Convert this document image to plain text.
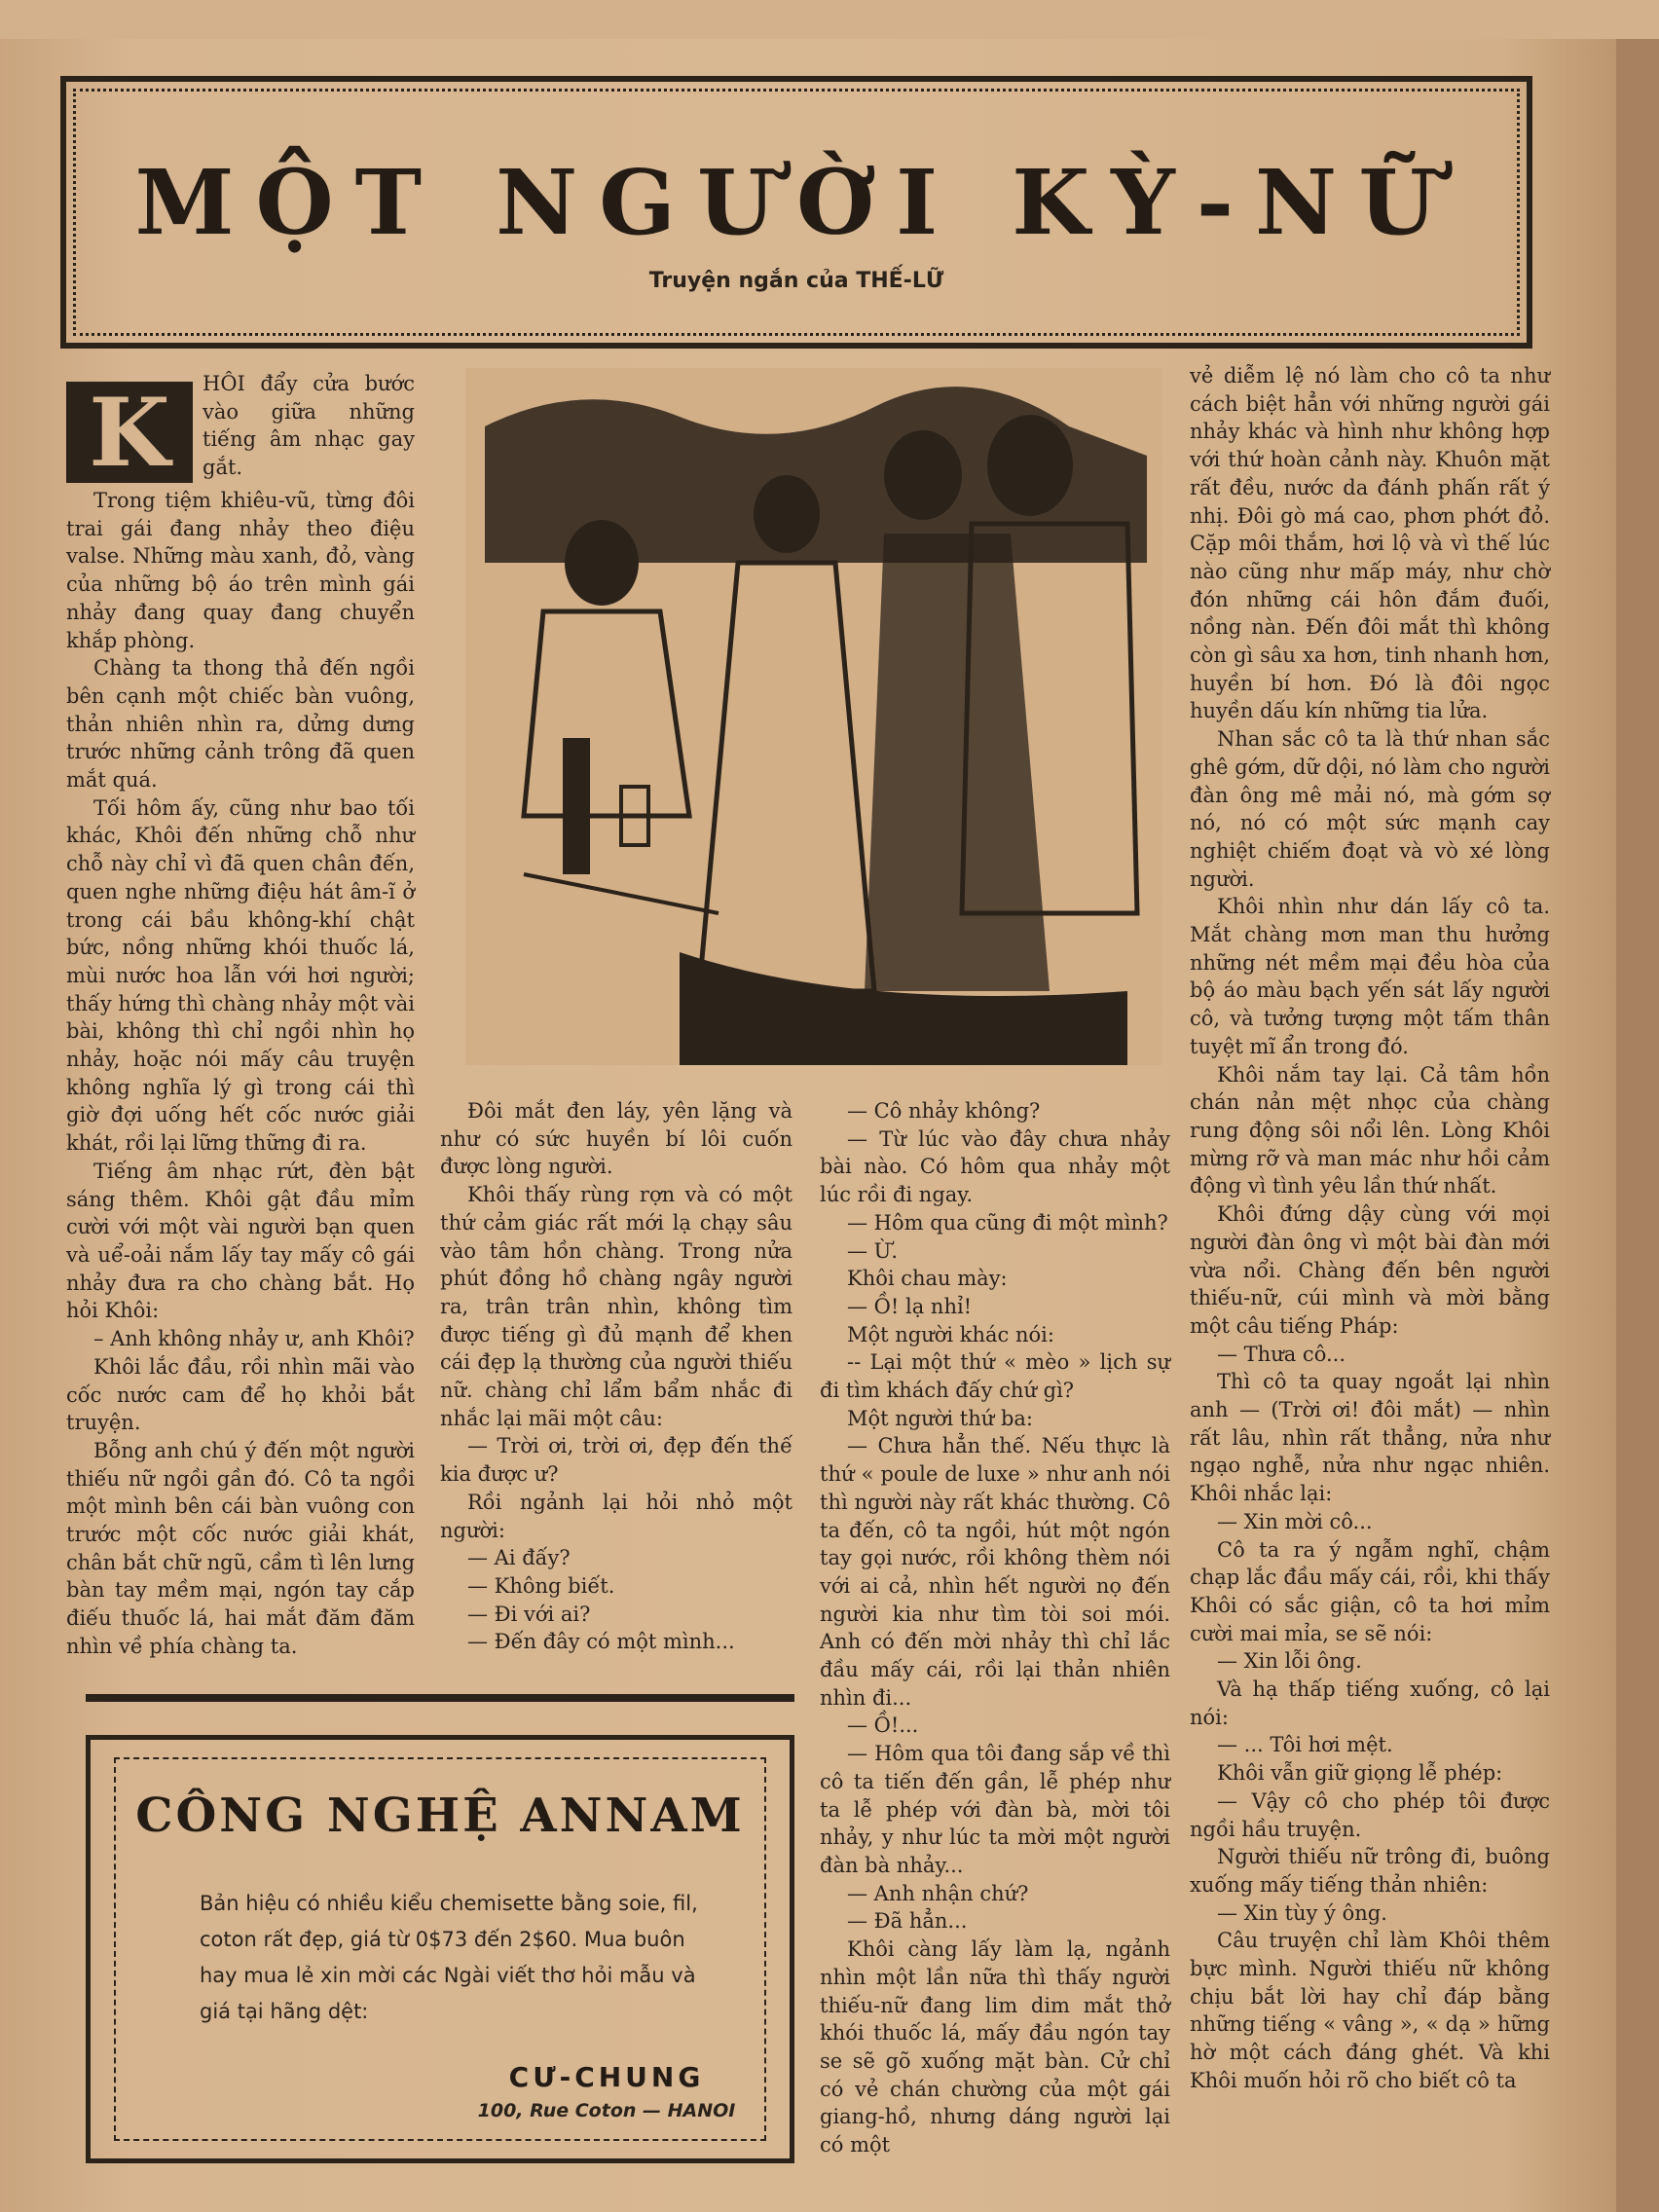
MỘT NGƯỜI KỲ-NỮ
Truyện ngắn của THẾ-LỮ
K	HÔI đẩy cửa bước vào giữa những tiếng âm nhạc gay gắt.

Trong tiệm khiêu-vũ, từng đôi trai gái đang nhảy theo điệu valse. Những màu xanh, đỏ, vàng của những bộ áo trên mình gái nhảy đang quay đang chuyển khắp phòng.

Chàng ta thong thả đến ngồi bên cạnh một chiếc bàn vuông, thản nhiên nhìn ra, dửng dưng trước những cảnh trông đã quen mắt quá.

Tối hôm ấy, cũng như bao tối khác, Khôi đến những chỗ như chỗ này chỉ vì đã quen chân đến, quen nghe những điệu hát âm-ĩ ở trong cái bầu không-khí chật bức, nồng những khói thuốc lá, mùi nước hoa lẫn với hơi người; thấy hứng thì chàng nhảy một vài bài, không thì chỉ ngồi nhìn họ nhảy, hoặc nói mấy câu truyện không nghĩa lý gì trong cái thì giờ đợi uống hết cốc nước giải khát, rồi lại lững thững đi ra.

Tiếng âm nhạc rứt, đèn bật sáng thêm. Khôi gật đầu mỉm cười với một vài người bạn quen và uể-oải nắm lấy tay mấy cô gái nhảy đưa ra cho chàng bắt. Họ hỏi Khôi:

– Anh không nhảy ư, anh Khôi?

Khôi lắc đầu, rồi nhìn mãi vào cốc nước cam để họ khỏi bắt truyện.

Bỗng anh chú ý đến một người thiếu nữ ngồi gần đó. Cô ta ngồi một mình bên cái bàn vuông con trước một cốc nước giải khát, chân bắt chữ ngũ, cầm tì lên lưng bàn tay mềm mại, ngón tay cắp điếu thuốc lá, hai mắt đăm đăm nhìn về phía chàng ta.

Đôi mắt đen láy, yên lặng và như có sức huyền bí lôi cuốn được lòng người.

Khôi thấy rùng rợn và có một thứ cảm giác rất mới lạ chạy sâu vào tâm hồn chàng. Trong nửa phút đồng hồ chàng ngây người ra, trân trân nhìn, không tìm được tiếng gì đủ mạnh để khen cái đẹp lạ thường của người thiếu nữ. chàng chỉ lẩm bẩm nhắc đi nhắc lại mãi một câu:

— Trời ơi, trời ơi, đẹp đến thế kia được ư?

Rồi ngảnh lại hỏi nhỏ một người:

— Ai đấy?

— Không biết.

— Đi với ai?

— Đến đây có một mình...

— Cô nhảy không?

— Từ lúc vào đây chưa nhảy bài nào. Có hôm qua nhảy một lúc rồi đi ngay.

— Hôm qua cũng đi một mình?

— Ừ.

Khôi chau mày:

— Ồ! lạ nhỉ!

Một người khác nói:

-- Lại một thứ « mèo » lịch sự đi tìm khách đấy chứ gì?

Một người thứ ba:

— Chưa hẳn thế. Nếu thực là thứ « poule de luxe » như anh nói thì người này rất khác thường. Cô ta đến, cô ta ngồi, hút một ngón tay gọi nước, rồi không thèm nói với ai cả, nhìn hết người nọ đến người kia như tìm tòi soi mói. Anh có đến mời nhảy thì chỉ lắc đầu mấy cái, rồi lại thản nhiên nhìn đi...

— Ồ!...

— Hôm qua tôi đang sắp về thì cô ta tiến đến gần, lễ phép như ta lễ phép với đàn bà, mời tôi nhảy, y như lúc ta mời một người đàn bà nhảy...

— Anh nhận chứ?

— Đã hẳn...

Khôi càng lấy làm lạ, ngảnh nhìn một lần nữa thì thấy người thiếu-nữ đang lim dim mắt thở khói thuốc lá, mấy đầu ngón tay se sẽ gõ xuống mặt bàn. Cử chỉ có vẻ chán chường của một gái giang-hồ, nhưng dáng người lại có một

vẻ diễm lệ nó làm cho cô ta như cách biệt hẳn với những người gái nhảy khác và hình như không hợp với thứ hoàn cảnh này. Khuôn mặt rất đều, nước da đánh phấn rất ý nhị. Đôi gò má cao, phơn phớt đỏ. Cặp môi thắm, hơi lộ và vì thế lúc nào cũng như mấp máy, như chờ đón những cái hôn đắm đuối, nồng nàn. Đến đôi mắt thì không còn gì sâu xa hơn, tinh nhanh hơn, huyền bí hơn. Đó là đôi ngọc huyền dấu kín những tia lửa.

Nhan sắc cô ta là thứ nhan sắc ghê gớm, dữ dội, nó làm cho người đàn ông mê mải nó, mà gớm sợ nó, nó có một sức mạnh cay nghiệt chiếm đoạt và vò xé lòng người.

Khôi nhìn như dán lấy cô ta. Mắt chàng mơn man thu hưởng những nét mềm mại đều hòa của bộ áo màu bạch yến sát lấy người cô, và tưởng tượng một tấm thân tuyệt mĩ ẩn trong đó.

Khôi nắm tay lại. Cả tâm hồn chán nản mệt nhọc của chàng rung động sôi nổi lên. Lòng Khôi mừng rỡ và man mác như hồi cảm động vì tình yêu lần thứ nhất.

Khôi đứng dậy cùng với mọi người đàn ông vì một bài đàn mới vừa nổi. Chàng đến bên người thiếu-nữ, cúi mình và mời bằng một câu tiếng Pháp:

— Thưa cô...

Thì cô ta quay ngoắt lại nhìn anh — (Trời ơi! đôi mắt) — nhìn rất lâu, nhìn rất thẳng, nửa như ngạo nghễ, nửa như ngạc nhiên. Khôi nhắc lại:

— Xin mời cô...

Cô ta ra ý ngẫm nghĩ, chậm chạp lắc đầu mấy cái, rồi, khi thấy Khôi có sắc giận, cô ta hơi mỉm cười mai mỉa, se sẽ nói:

— Xin lỗi ông.

Và hạ thấp tiếng xuống, cô lại nói:

— ... Tôi hơi mệt.

Khôi vẫn giữ giọng lễ phép:

— Vậy cô cho phép tôi được ngồi hầu truyện.

Người thiếu nữ trông đi, buông xuống mấy tiếng thản nhiên:

— Xin tùy ý ông.

Câu truyện chỉ làm Khôi thêm bực mình. Người thiếu nữ không chịu bắt lời hay chỉ đáp bằng những tiếng « vâng », « dạ » hững hờ một cách đáng ghét. Và khi Khôi muốn hỏi rõ cho biết cô ta

CÔNG NGHỆ ANNAM
Bản hiệu có nhiều kiểu chemisette bằng soie, fil, coton rất đẹp, giá từ 0$73 đến 2$60. Mua buôn hay mua lẻ xin mời các Ngài viết thơ hỏi mẫu và giá tại hãng dệt:
CƯ-CHUNG
100, Rue Coton — HANOI
